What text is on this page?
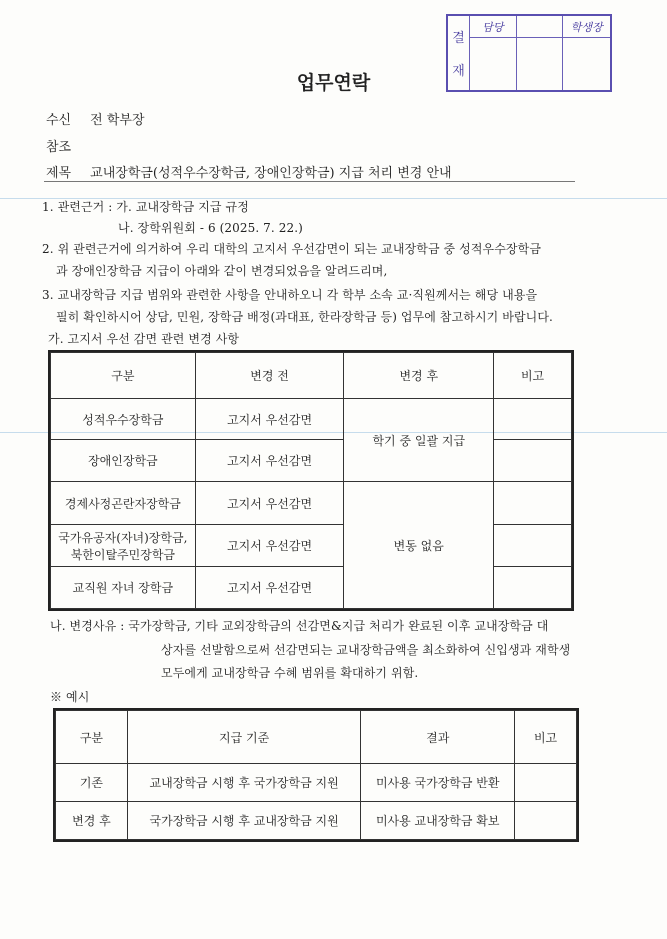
결
재
담당	학생장
업무연락
수신 전 학부장
참조
제목 교내장학금(성적우수장학금, 장애인장학금) 지급 처리 변경 안내
1. 관련근거 : 가. 교내장학금 지급 규정
나. 장학위원회 - 6 (2025. 7. 22.)
2. 위 관련근거에 의거하여 우리 대학의 고지서 우선감면이 되는 교내장학금 중 성적우수장학금
과 장애인장학금 지급이 아래와 같이 변경되었음을 알려드리며,
3. 교내장학금 지급 범위와 관련한 사항을 안내하오니 각 학부 소속 교·직원께서는 해당 내용을
필히 확인하시어 상담, 민원, 장학금 배정(과대표, 한라장학금 등) 업무에 참고하시기 바랍니다.
가. 고지서 우선 감면 관련 변경 사항
구분	변경 전	변경 후	비고
성적우수장학금	고지서 우선감면	학기 중 일괄 지급	
장애인장학금	고지서 우선감면		
경제사정곤란자장학금	고지서 우선감면	변동 없음	

국가유공자(자녀)장학금,
북한이탈주민장학금	고지서 우선감면		
교직원 자녀 장학금	고지서 우선감면		
나. 변경사유 : 국가장학금, 기타 교외장학금의 선감면&지급 처리가 완료된 이후 교내장학금 대
상자를 선발함으로써 선감면되는 교내장학금액을 최소화하여 신입생과 재학생
모두에게 교내장학금 수혜 범위를 확대하기 위함.
※ 예시
구분	지급 기준	결과	비고
기존	교내장학금 시행 후 국가장학금 지원	미사용 국가장학금 반환	
변경 후	국가장학금 시행 후 교내장학금 지원	미사용 교내장학금 확보	
